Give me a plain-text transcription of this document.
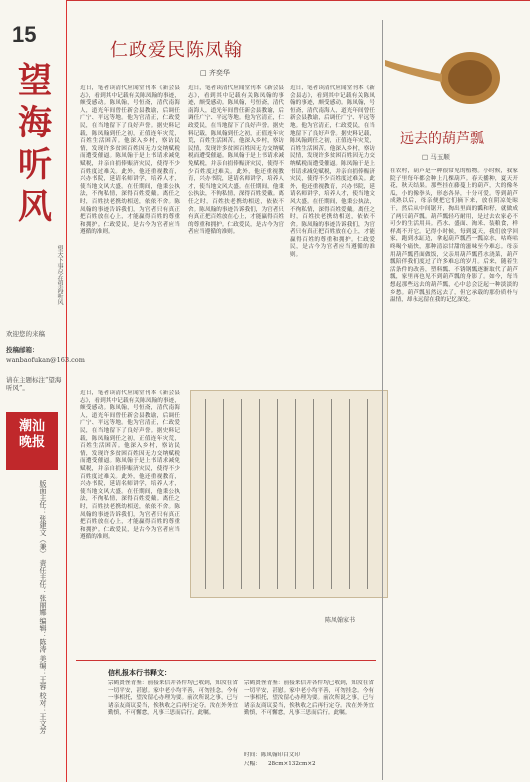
15
望海听风
望天下事尽在望海听风
欢迎您的来稿
投稿邮箱：
wanbaofukan@163.com
请在主题标注“望海听风”。
潮汕
晚报
版面主任：张建文（兼） 责任主任：张丽娜 编辑：陈涛 美编：王蓉 校对：王文芳
仁政爱民陈凤翰
□ 齐奕华
近日，笔者读清代应闻堂刊本《新会县志》，看到其中记载有关陈凤翰的事迹，颇受感动。陈凤翰，号恒斋，清代南海人，道光年间曾任新会县教谕，后调任广宁、平远等地。他为官清正，仁政爱民，在当地留下了良好声誉。据史料记载，陈凤翰到任之初，正值连年灾荒，百姓生活困苦。他深入乡村，察访民情，发现许多贫困百姓因无力交纳赋税而遭受催逼。陈凤翰于是上书请求减免赋税，并亲自捐俸赈济灾民，使得不少百姓度过难关。此外，他还重视教育，兴办书院，延请名师讲学，培养人才，使当地文风大盛。在任期间，他秉公执法，不徇私情，深得百姓爱戴。离任之时，百姓扶老携幼相送，依依不舍。陈凤翰的事迹告诉我们，为官者只有真正把百姓放在心上，才能赢得百姓的尊重和拥护。仁政爱民，是古今为官者应当遵循的准则。
近日，笔者读清代应闻堂刊本《新会县志》，看到其中记载有关陈凤翰的事迹，颇受感动。陈凤翰，号恒斋，清代南海人，道光年间曾任新会县教谕，后调任广宁、平远等地。他为官清正，仁政爱民，在当地留下了良好声誉。据史料记载，陈凤翰到任之初，正值连年灾荒，百姓生活困苦。他深入乡村，察访民情，发现许多贫困百姓因无力交纳赋税而遭受催逼。陈凤翰于是上书请求减免赋税，并亲自捐俸赈济灾民，使得不少百姓度过难关。此外，他还重视教育，兴办书院，延请名师讲学，培养人才，使当地文风大盛。在任期间，他秉公执法，不徇私情，深得百姓爱戴。离任之时，百姓扶老携幼相送，依依不舍。陈凤翰的事迹告诉我们，为官者只有真正把百姓放在心上，才能赢得百姓的尊重和拥护。仁政爱民，是古今为官者应当遵循的准则。
近日，笔者读清代应闻堂刊本《新会县志》，看到其中记载有关陈凤翰的事迹，颇受感动。陈凤翰，号恒斋，清代南海人，道光年间曾任新会县教谕，后调任广宁、平远等地。他为官清正，仁政爱民，在当地留下了良好声誉。据史料记载，陈凤翰到任之初，正值连年灾荒，百姓生活困苦。他深入乡村，察访民情，发现许多贫困百姓因无力交纳赋税而遭受催逼。陈凤翰于是上书请求减免赋税，并亲自捐俸赈济灾民，使得不少百姓度过难关。此外，他还重视教育，兴办书院，延请名师讲学，培养人才，使当地文风大盛。在任期间，他秉公执法，不徇私情，深得百姓爱戴。离任之时，百姓扶老携幼相送，依依不舍。陈凤翰的事迹告诉我们，为官者只有真正把百姓放在心上，才能赢得百姓的尊重和拥护。仁政爱民，是古今为官者应当遵循的准则。
近日，笔者读清代应闻堂刊本《新会县志》，看到其中记载有关陈凤翰的事迹，颇受感动。陈凤翰，号恒斋，清代南海人，道光年间曾任新会县教谕，后调任广宁、平远等地。他为官清正，仁政爱民，在当地留下了良好声誉。据史料记载，陈凤翰到任之初，正值连年灾荒，百姓生活困苦。他深入乡村，察访民情，发现许多贫困百姓因无力交纳赋税而遭受催逼。陈凤翰于是上书请求减免赋税，并亲自捐俸赈济灾民，使得不少百姓度过难关。此外，他还重视教育，兴办书院，延请名师讲学，培养人才，使当地文风大盛。在任期间，他秉公执法，不徇私情，深得百姓爱戴。离任之时，百姓扶老携幼相送，依依不舍。陈凤翰的事迹告诉我们，为官者只有真正把百姓放在心上，才能赢得百姓的尊重和拥护。仁政爱民，是古今为官者应当遵循的准则。
陈凤翰家书
信札报本行书释文：
宗鹤贤侄青鉴：前接来信并各件均已收到，知汝在省一切平安，甚慰。家中老小均平善，可勿挂念。今有一事相托，望汝留心办理为要。前次所说之事，已与诸亲友商议妥当，俟秋收之后再行定夺。汝在外务宜勤慎，不可懈怠，凡事三思而后行。此嘱。
宗鹤贤侄青鉴：前接来信并各件均已收到，知汝在省一切平安，甚慰。家中老小均平善，可勿挂念。今有一事相托，望汝留心办理为要。前次所说之事，已与诸亲友商议妥当，俟秋收之后再行定夺。汝在外务宜勤慎，不可懈怠，凡事三思而后行。此嘱。
时间：陈凤翰印白文印
尺幅：	28cm×132cm×2
远去的葫芦瓢
□ 马玉顺
在农村，葫芦是一种很常见的植物。小时候，我家院子里每年都会种上几棵葫芦。春天播种，夏天开花，秋天结果。那些挂在藤蔓上的葫芦，大的像冬瓜，小的像拳头，形态各异，十分可爱。等到葫芦成熟以后，母亲便把它们摘下来，放在阴凉处晾干，然后从中间锯开，掏出里面的瓤和籽，就做成了两只葫芦瓢。葫芦瓢轻巧耐用，是过去农家必不可少的生活用具。舀水、盛面、淘米、装粮食，样样离不开它。记得小时候，每到夏天，我们放学回家，跑到水缸边，拿起葫芦瓢舀一瓢凉水，咕咚咕咚喝个痛快，那种清凉甘甜的滋味至今难忘。母亲用葫芦瓢舀面做饭，父亲用葫芦瓢舀水浇菜，葫芦瓢陪伴我们度过了许多难忘的岁月。后来，随着生活条件的改善，塑料瓢、不锈钢瓢逐渐取代了葫芦瓢，家里再也见不到葫芦瓢的身影了。如今，每当想起那些远去的葫芦瓢，心中总会泛起一种淡淡的乡愁。葫芦瓢虽然远去了，但它承载的那份质朴与温情，却永远留在我的记忆深处。
